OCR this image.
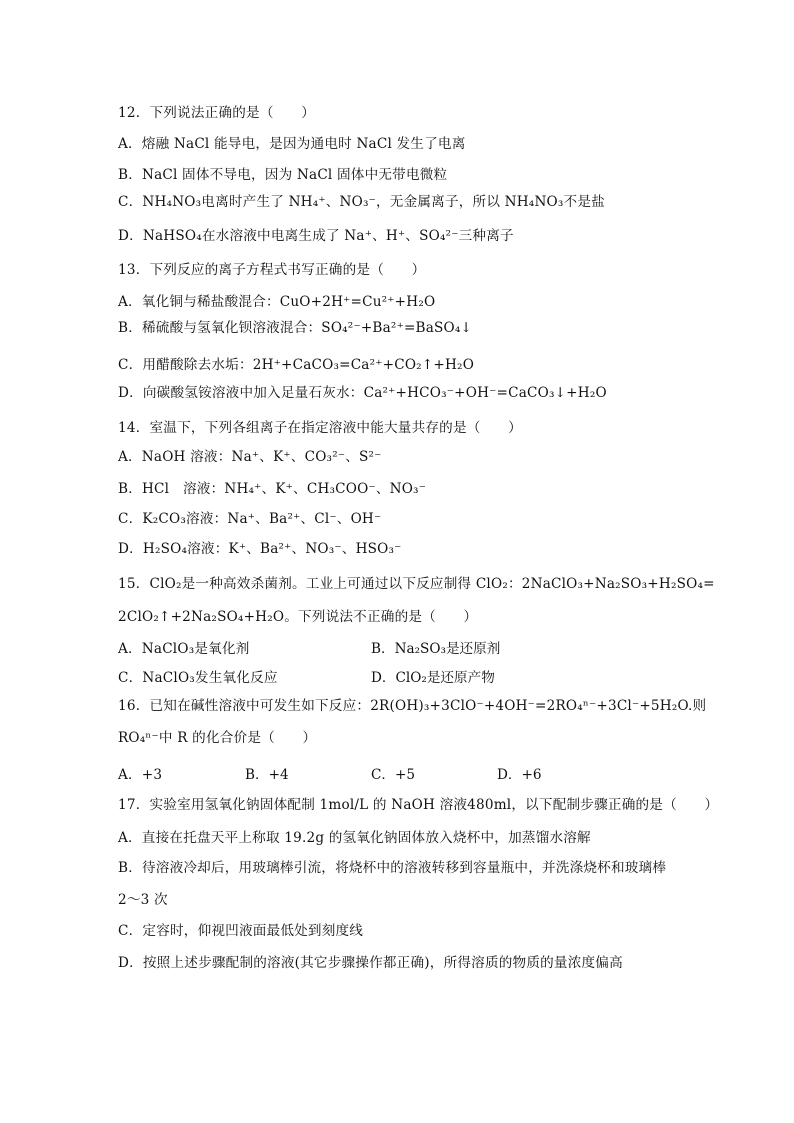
12．下列说法正确的是（　　）
A．熔融 NaCl 能导电，是因为通电时 NaCl 发生了电离
B．NaCl 固体不导电，因为 NaCl 固体中无带电微粒
C．NH₄NO₃电离时产生了 NH₄⁺、NO₃⁻，无金属离子，所以 NH₄NO₃不是盐
D．NaHSO₄在水溶液中电离生成了 Na⁺、H⁺、SO₄²⁻三种离子
13．下列反应的离子方程式书写正确的是（　　）
A．氧化铜与稀盐酸混合：CuO+2H⁺=Cu²⁺+H₂O
B．稀硫酸与氢氧化钡溶液混合：SO₄²⁻+Ba²⁺=BaSO₄↓
C．用醋酸除去水垢：2H⁺+CaCO₃=Ca²⁺+CO₂↑+H₂O
D．向碳酸氢铵溶液中加入足量石灰水：Ca²⁺+HCO₃⁻+OH⁻=CaCO₃↓+H₂O
14．室温下，下列各组离子在指定溶液中能大量共存的是（　　）
A．NaOH 溶液：Na⁺、K⁺、CO₃²⁻、S²⁻
B．HCl　溶液：NH₄⁺、K⁺、CH₃COO⁻、NO₃⁻
C．K₂CO₃溶液：Na⁺、Ba²⁺、Cl⁻、OH⁻
D．H₂SO₄溶液：K⁺、Ba²⁺、NO₃⁻、HSO₃⁻
15．ClO₂是一种高效杀菌剂。工业上可通过以下反应制得 ClO₂：2NaClO₃+Na₂SO₃+H₂SO₄=
2ClO₂↑+2Na₂SO₄+H₂O。下列说法不正确的是（　　）
A．NaClO₃是氧化剂	B．Na₂SO₃是还原剂
C．NaClO₃发生氧化反应	D．ClO₂是还原产物
16．已知在碱性溶液中可发生如下反应：2R(OH)₃+3ClO⁻+4OH⁻=2RO₄ⁿ⁻+3Cl⁻+5H₂O.则
RO₄ⁿ⁻中 R 的化合价是（　　）
A．+3	B．+4	C．+5	D．+6
17．实验室用氢氧化钠固体配制 1mol/L 的 NaOH 溶液480ml，以下配制步骤正确的是（　　）
A．直接在托盘天平上称取 19.2g 的氢氧化钠固体放入烧杯中，加蒸馏水溶解
B．待溶液冷却后，用玻璃棒引流，将烧杯中的溶液转移到容量瓶中，并洗涤烧杯和玻璃棒
2～3 次
C．定容时，仰视凹液面最低处到刻度线
D．按照上述步骤配制的溶液(其它步骤操作都正确)，所得溶质的物质的量浓度偏高
